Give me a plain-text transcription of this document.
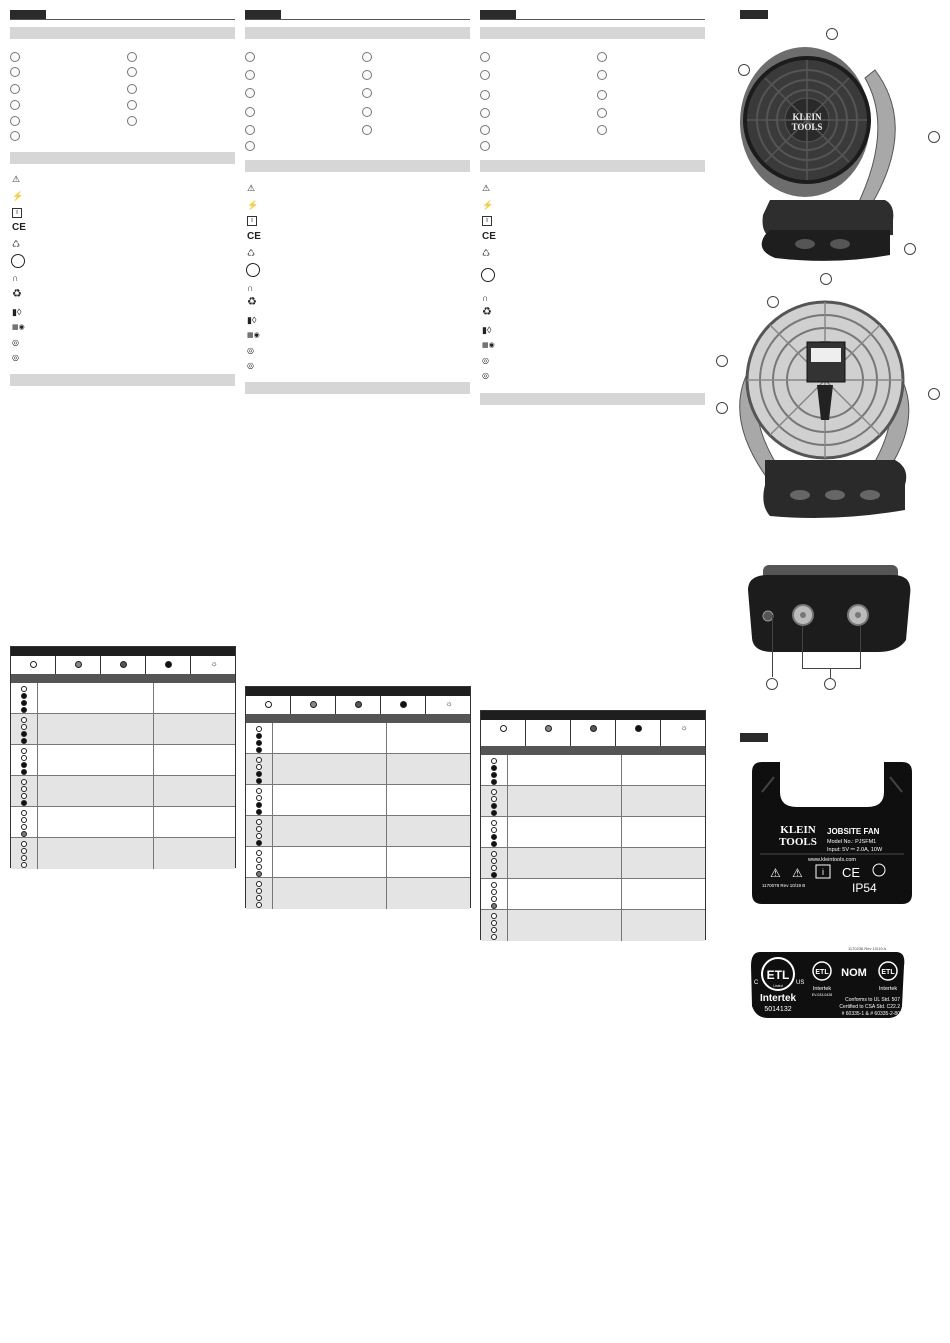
⚠
⚡
i
CE
♺
∩
♻
▮◊
▦◉
◎
◎
☼
⚠
⚡
i
CE
♺
∩
♻
▮◊
▦◉
◎
◎
☼
⚠
⚡
i
CE
♺
∩
♻
▮◊
▦◉
◎
◎
☼
KLEIN
TOOLS
KLEIN
TOOLS
JOBSITE FAN
Model No.: PJSFM1
Input: 5V ⎓ 2.0A, 10W
www.kleintools.com
⚠ ⚠ i CE
1170078 Rev 10/19 B	IP54
1170236 Rev 10/19 A
ETL
C	US
Listed
Intertek
5014132
ETL
Intertek
EV-033-0428
NOM ETL
Intertek
Conforms to UL Std. 507
Certified to CSA Std. C22.2
# 60335-1 & # 60335-2-80
